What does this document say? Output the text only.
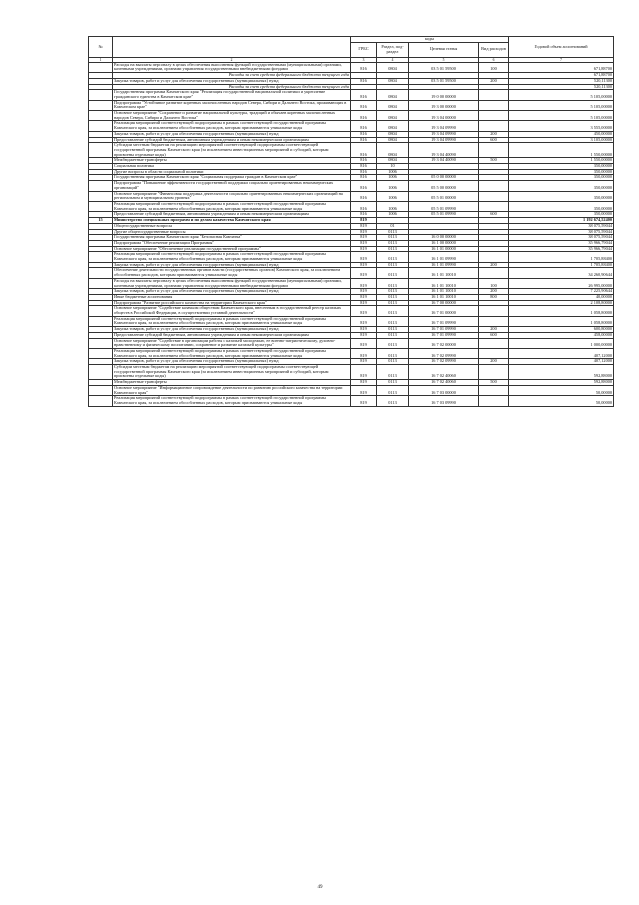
№		коды				Годовой объем ассигнований
		ГРБС	Раздел, под-раздел	Целевая статья	Вид расходов	
1	2	3	4	5	6	7
	Расходы на выплаты персоналу в целях обеспечения выполнения функций государственными (муниципальными) органами, казенными учреждениями, органами управления государственными внебюджетными фондами	816	0804	03 5 01 59500	100	671,88700
	Расходы за счет средств федерального бюджета текущего года					671,88700
	Закупка товаров, работ и услуг для обеспечения государственных (муниципальных) нужд	816	0804	03 5 01 59500	200	520,11300
	Расходы за счет средств федерального бюджета текущего года					520,11300
	Государственная программа Камчатского края "Реализация государственной национальной политики и укрепление гражданского единства в Камчатском крае"	816	0804	19 0 00 00000		5 105,00000
	Подпрограмма "Устойчивое развитие коренных малочисленных народов Севера, Сибири и Дальнего Востока, проживающих в Камчатском крае"	816	0804	19 3 00 00000		5 105,00000
	Основное мероприятие "Сохранение и развитие национальной культуры, традиций и обычаев коренных малочисленных народов Севера, Сибири и Дальнего Востока"	816	0804	19 3 04 00000		5 105,00000
	Реализация мероприятий соответствующей подпрограммы в рамках соответствующей государственной программы Камчатского края, за исключением обособленных расходов, которым присваиваются уникальные коды	816	0804	19 3 04 09990		3 555,00000
	Закупка товаров, работ и услуг для обеспечения государственных (муниципальных) нужд	816	0804	19 3 04 09990	200	450,00000
	Предоставление субсидий бюджетным, автономным учреждениям и иным некоммерческим организациям	816	0804	19 3 04 09990	600	3 105,00000
	Субсидии местным бюджетам на реализацию мероприятий соответствующей подпрограммы соответствующей государственной программы Камчатского края (за исключением инвестиционных мероприятий и субсидий, которым присвоены отдельные коды)	816	0804	19 3 04 40090		1 550,00000
	Межбюджетные трансферты	816	0804	19 3 04 40090	500	1 550,00000
	Социальная политика	816	10			350,00000
	Другие вопросы в области социальной политики	816	1006			350,00000
	Государственная программа Камчатского края "Социальная поддержка граждан в Камчатском крае"	816	1006	05 0 00 00000		350,00000
	Подпрограмма "Повышение эффективности государственной поддержки социально ориентированных некоммерческих организаций"	816	1006	05 5 00 00000		350,00000
	Основное мероприятие "Финансовая поддержка деятельности социально ориентированных некоммерческих организаций на региональном и муниципальном уровнях"	816	1006	05 5 01 00000		350,00000
	Реализация мероприятий соответствующей подпрограммы в рамках соответствующей государственной программы Камчатского края, за исключением обособленных расходов, которым присваиваются уникальные коды	816	1006	05 5 01 09990		350,00000
	Предоставление субсидий бюджетным, автономным учреждениям и иным некоммерческим организациям	816	1006	05 5 01 09990	600	350,00000
15	Министерство специальных программ и по делам казачества Камчатского края	819				1 192 674,52400
	Общегосударственные вопросы	819	01			38 075,59044
	Другие общегосударственные вопросы	819	0113			38 075,59044
	Государственная программа Камчатского края "Безопасная Камчатка"	819	0113	16 0 00 00000		38 075,59044
	Подпрограмма "Обеспечение реализации Программы"	819	0113	16 1 00 00000		35 966,79044
	Основное мероприятие "Обеспечение реализации государственной программы"	819	0113	16 1 01 00000		35 966,79044
	Реализация мероприятий соответствующей подпрограммы в рамках соответствующей государственной программы Камчатского края, за исключением обособленных расходов, которым присваиваются уникальные коды	819	0113	16 1 01 09990		1 705,88400
	Закупка товаров, работ и услуг для обеспечения государственных (муниципальных) нужд	819	0113	16 1 01 09990	200	1 705,88400
	Обеспечение деятельности государственных органов власти (государственных органов) Камчатского края, за исключением обособленных расходов, которым присваиваются уникальные коды	819	0113	16 1 01 10010		34 260,90644
	Расходы на выплаты персоналу в целях обеспечения выполнения функций государственными (муниципальными) органами, казенными учреждениями, органами управления государственными внебюджетными фондами	819	0113	16 1 01 10010	100	26 995,00000
	Закупка товаров, работ и услуг для обеспечения государственных (муниципальных) нужд	819	0113	16 1 01 10010	200	7 225,90644
	Иные бюджетные ассигнования	819	0113	16 1 01 10010	800	40,00000
	Подпрограмма "Развитие российского казачества на территории Камчатского края"	819	0113	16 7 00 00000		2 108,80000
	Основное мероприятие "Содействие казачьим обществам Камчатского края, внесенным в государственный реестр казачьих обществ в Российской Федерации, в осуществлении уставной деятельности"	819	0113	16 7 01 00000		1 058,80000
	Реализация мероприятий соответствующей подпрограммы в рамках соответствующей государственной программы Камчатского края, за исключением обособленных расходов, которым присваиваются уникальные коды	819	0113	16 7 01 09990		1 058,80000
	Закупка товаров, работ и услуг для обеспечения государственных (муниципальных) нужд	819	0113	16 7 01 09990	200	600,80000
	Предоставление субсидий бюджетным, автономным учреждениям и иным некоммерческим организациям	819	0113	16 7 01 09990	600	458,00000
	Основное мероприятие "Содействие в организации работы с казачьей молодежью, ее военно-патриотическому, духовно-нравственному и физическому воспитанию, сохранение и развитие казачьей культуры"	819	0113	16 7 02 00000		1 000,00000
	Реализация мероприятий соответствующей подпрограммы в рамках соответствующей государственной программы Камчатского края, за исключением обособленных расходов, которым присваиваются уникальные коды	819	0113	16 7 02 09990		407,12000
	Закупка товаров, работ и услуг для обеспечения государственных (муниципальных) нужд	819	0113	16 7 02 09990	200	407,12000
	Субсидии местным бюджетам на реализацию мероприятий соответствующей подпрограммы соответствующей государственной программы Камчатского края (за исключением инвестиционных мероприятий и субсидий, которым присвоены отдельные коды)	819	0113	16 7 02 40060		592,88000
	Межбюджетные трансферты	819	0113	16 7 02 40060	500	592,88000
	Основное мероприятие "Информационное сопровождение деятельности по развитию российского казачества на территории Камчатского края"	819	0113	16 7 03 00000		50,00000
	Реализация мероприятий соответствующей подпрограммы в рамках соответствующей государственной программы Камчатского края, за исключением обособленных расходов, которым присваиваются уникальные коды	819	0113	16 7 03 09990		50,00000
49
